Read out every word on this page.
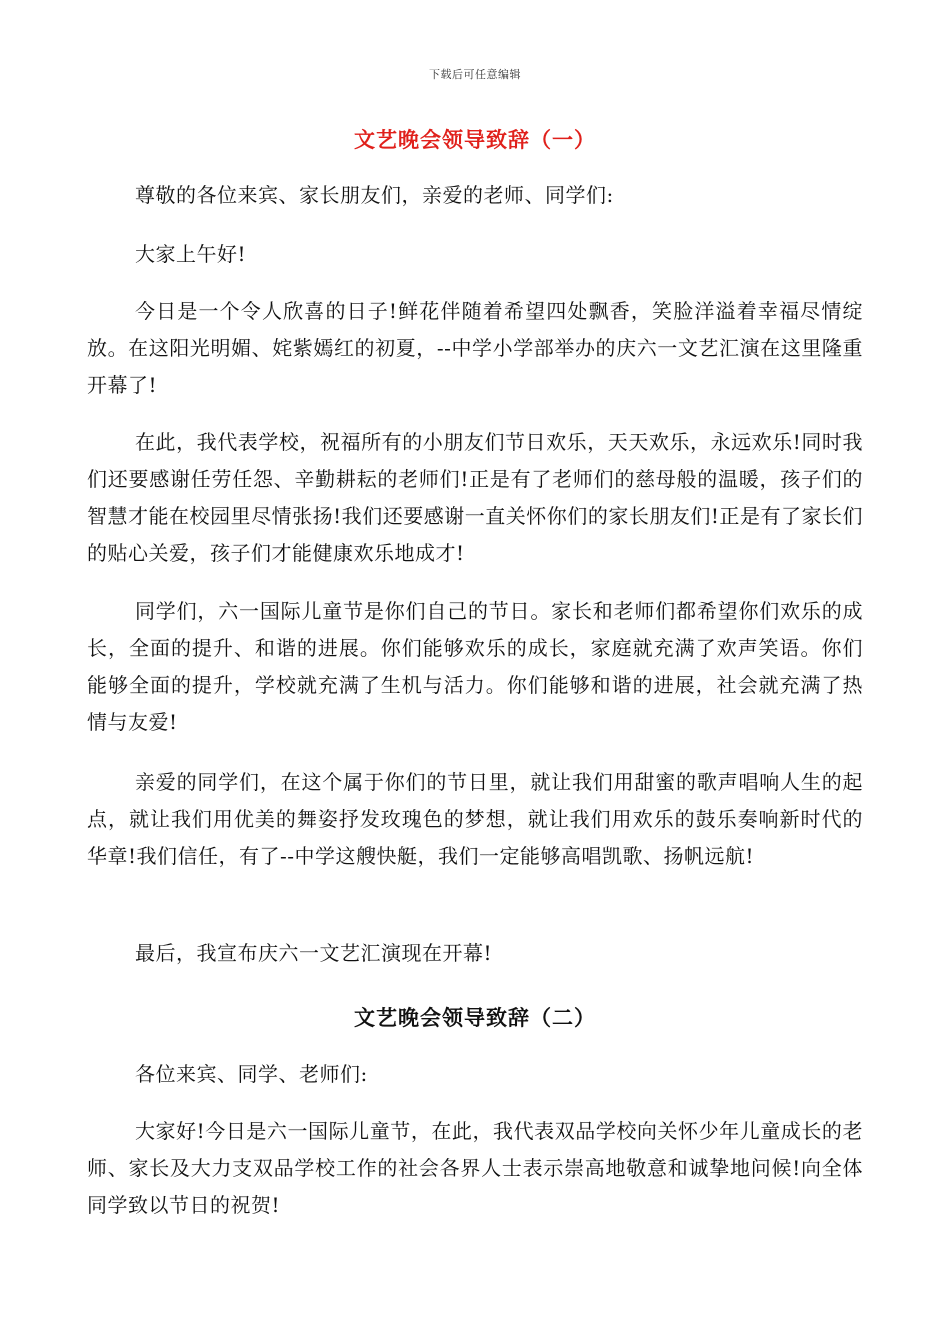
下载后可任意编辑
文艺晚会领导致辞（一）

尊敬的各位来宾、家长朋友们，亲爱的老师、同学们:

大家上午好!

今日是一个令人欣喜的日子!鲜花伴随着希望四处飘香，笑脸洋溢着幸福尽情绽放。在这阳光明媚、姹紫嫣红的初夏，--中学小学部举办的庆六一文艺汇演在这里隆重开幕了!

在此，我代表学校，祝福所有的小朋友们节日欢乐，天天欢乐，永远欢乐!同时我们还要感谢任劳任怨、辛勤耕耘的老师们!正是有了老师们的慈母般的温暖，孩子们的智慧才能在校园里尽情张扬!我们还要感谢一直关怀你们的家长朋友们!正是有了家长们的贴心关爱，孩子们才能健康欢乐地成才!

同学们，六一国际儿童节是你们自己的节日。家长和老师们都希望你们欢乐的成长，全面的提升、和谐的进展。你们能够欢乐的成长，家庭就充满了欢声笑语。你们能够全面的提升，学校就充满了生机与活力。你们能够和谐的进展，社会就充满了热情与友爱!

亲爱的同学们，在这个属于你们的节日里，就让我们用甜蜜的歌声唱响人生的起点，就让我们用优美的舞姿抒发玫瑰色的梦想，就让我们用欢乐的鼓乐奏响新时代的华章!我们信任，有了--中学这艘快艇，我们一定能够高唱凯歌、扬帆远航!

最后，我宣布庆六一文艺汇演现在开幕!

文艺晚会领导致辞（二）

各位来宾、同学、老师们:

大家好!今日是六一国际儿童节，在此，我代表双品学校向关怀少年儿童成长的老师、家长及大力支双品学校工作的社会各界人士表示崇高地敬意和诚挚地问候!向全体同学致以节日的祝贺!
